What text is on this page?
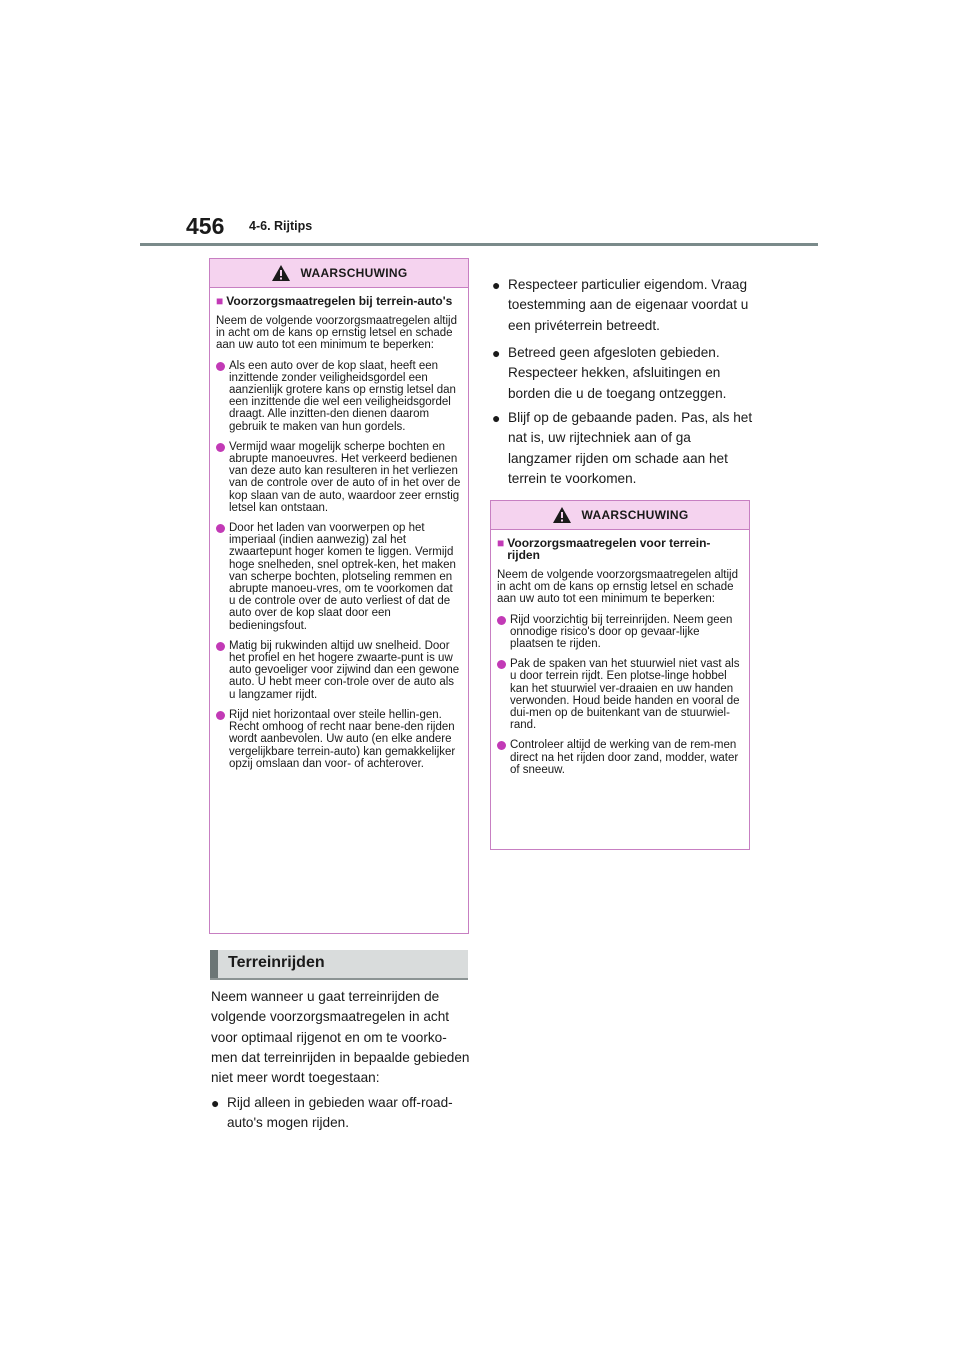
456 4-6. Rijtips
WAARSCHUWING
■ Voorzorgsmaatregelen bij terrein-auto's

Neem de volgende voorzorgsmaatregelen altijd in acht om de kans op ernstig letsel en schade aan uw auto tot een minimum te beperken:

Als een auto over de kop slaat, heeft een inzittende zonder veiligheidsgordel een aanzienlijk grotere kans op ernstig letsel dan een inzittende die wel een veiligheidsgordel draagt. Alle inzitten-den dienen daarom gebruik te maken van hun gordels.
Vermijd waar mogelijk scherpe bochten en abrupte manoeuvres. Het verkeerd bedienen van deze auto kan resulteren in het verliezen van de controle over de auto of in het over de kop slaan van de auto, waardoor zeer ernstig letsel kan ontstaan.
Door het laden van voorwerpen op het imperiaal (indien aanwezig) zal het zwaartepunt hoger komen te liggen. Vermijd hoge snelheden, snel optrek-ken, het maken van scherpe bochten, plotseling remmen en abrupte manoeu-vres, om te voorkomen dat u de controle over de auto verliest of dat de auto over de kop slaat door een bedieningsfout.
Matig bij rukwinden altijd uw snelheid. Door het profiel en het hogere zwaarte-punt is uw auto gevoeliger voor zijwind dan een gewone auto. U hebt meer con-trole over de auto als u langzamer rijdt.
Rijd niet horizontaal over steile hellin-gen. Recht omhoog of recht naar bene-den rijden wordt aanbevolen. Uw auto (en elke andere vergelijkbare terrein-auto) kan gemakkelijker opzij omslaan dan voor- of achterover.
Terreinrijden

Neem wanneer u gaat terreinrijden de volgende voorzorgsmaatregelen in acht voor optimaal rijgenot en om te voorko-men dat terreinrijden in bepaalde gebieden niet meer wordt toegestaan:

● Rijd alleen in gebieden waar off-road-auto's mogen rijden.
● Respecteer particulier eigendom. Vraag toestemming aan de eigenaar voordat u een privéterrein betreedt.
● Betreed geen afgesloten gebieden. Respecteer hekken, afsluitingen en borden die u de toegang ontzeggen.
● Blijf op de gebaande paden. Pas, als het nat is, uw rijtechniek aan of ga langzamer rijden om schade aan het terrein te voorkomen.
WAARSCHUWING
■ Voorzorgsmaatregelen voor terrein-rijden

Neem de volgende voorzorgsmaatregelen altijd in acht om de kans op ernstig letsel en schade aan uw auto tot een minimum te beperken:

Rijd voorzichtig bij terreinrijden. Neem geen onnodige risico's door op gevaar-lijke plaatsen te rijden.
Pak de spaken van het stuurwiel niet vast als u door terrein rijdt. Een plotse-linge hobbel kan het stuurwiel ver-draaien en uw handen verwonden. Houd beide handen en vooral de dui-men op de buitenkant van de stuurwiel-rand.
Controleer altijd de werking van de rem-men direct na het rijden door zand, modder, water of sneeuw.
